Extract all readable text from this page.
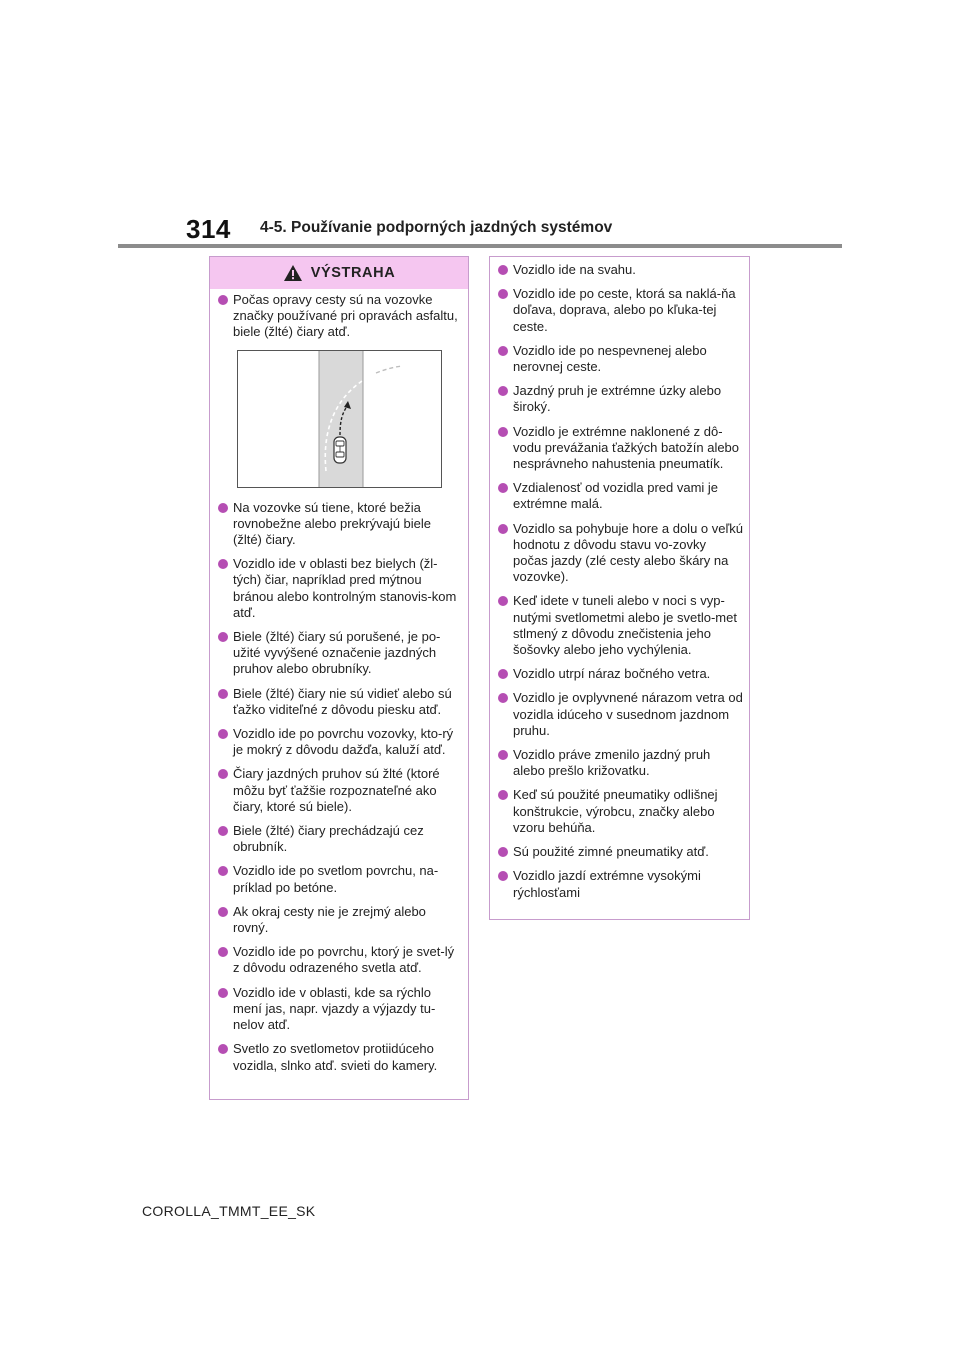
314 4-5. Používanie podporných jazdných systémov
VÝSTRAHA
Počas opravy cesty sú na vozovke značky používané pri opravách asfaltu, biele (žlté) čiary atď.
Na vozovke sú tiene, ktoré bežia rovnobežne alebo prekrývajú biele (žlté) čiary.
Vozidlo ide v oblasti bez bielych (žl-tých) čiar, napríklad pred mýtnou bránou alebo kontrolným stanovis-kom atď.
Biele (žlté) čiary sú porušené, je po-užité vyvýšené označenie jazdných pruhov alebo obrubníky.
Biele (žlté) čiary nie sú vidieť alebo sú ťažko viditeľné z dôvodu piesku atď.
Vozidlo ide po povrchu vozovky, kto-rý je mokrý z dôvodu dažďa, kaluží atď.
Čiary jazdných pruhov sú žlté (ktoré môžu byť ťažšie rozpoznateľné ako čiary, ktoré sú biele).
Biele (žlté) čiary prechádzajú cez obrubník.
Vozidlo ide po svetlom povrchu, na-príklad po betóne.
Ak okraj cesty nie je zrejmý alebo rovný.
Vozidlo ide po povrchu, ktorý je svet-lý z dôvodu odrazeného svetla atď.
Vozidlo ide v oblasti, kde sa rýchlo mení jas, napr. vjazdy a výjazdy tu-nelov atď.
Svetlo zo svetlometov protiidúceho vozidla, slnko atď. svieti do kamery.
Vozidlo ide na svahu.
Vozidlo ide po ceste, ktorá sa naklá-ňa doľava, doprava, alebo po kľuka-tej ceste.
Vozidlo ide po nespevnenej alebo nerovnej ceste.
Jazdný pruh je extrémne úzky alebo široký.
Vozidlo je extrémne naklonené z dô-vodu prevážania ťažkých batožín alebo nesprávneho nahustenia pneumatík.
Vzdialenosť od vozidla pred vami je extrémne malá.
Vozidlo sa pohybuje hore a dolu o veľkú hodnotu z dôvodu stavu vo-zovky počas jazdy (zlé cesty alebo škáry na vozovke).
Keď idete v tuneli alebo v noci s vyp-nutými svetlometmi alebo je svetlo-met stlmený z dôvodu znečistenia jeho šošovky alebo jeho vychýlenia.
Vozidlo utrpí náraz bočného vetra.
Vozidlo je ovplyvnené nárazom vetra od vozidla idúceho v susednom jazdnom pruhu.
Vozidlo práve zmenilo jazdný pruh alebo prešlo križovatku.
Keď sú použité pneumatiky odlišnej konštrukcie, výrobcu, značky alebo vzoru behúňa.
Sú použité zimné pneumatiky atď.
Vozidlo jazdí extrémne vysokými rýchlosťami
COROLLA_TMMT_EE_SK
